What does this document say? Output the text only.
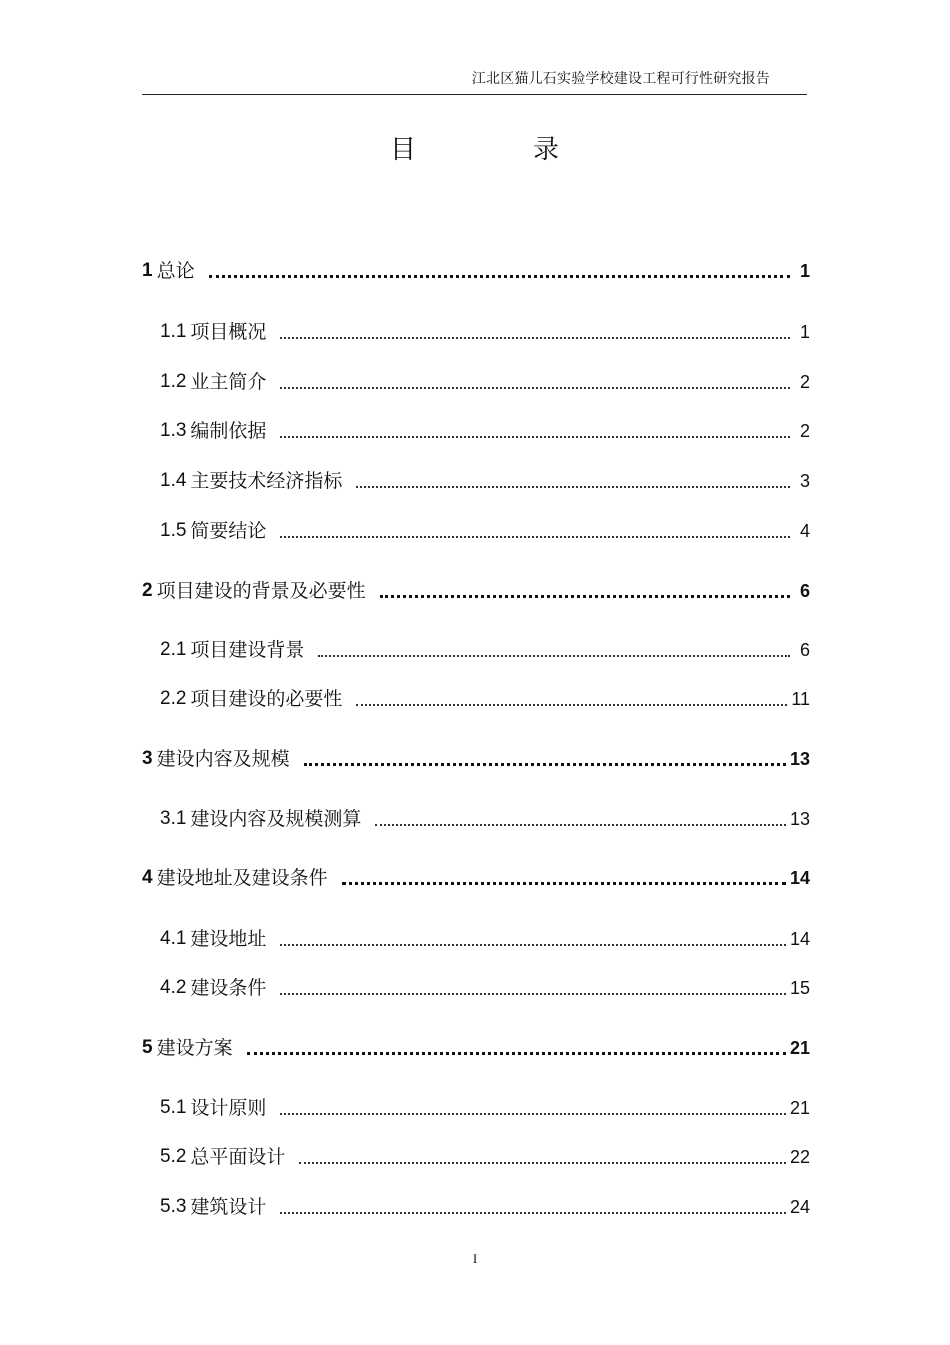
江北区猫儿石实验学校建设工程可行性研究报告
目	录
1 总论	1
1.1 项目概况	1
1.2 业主简介	2
1.3 编制依据	2
1.4 主要技术经济指标	3
1.5 简要结论	4
2 项目建设的背景及必要性	6
2.1 项目建设背景	6
2.2 项目建设的必要性	11
3 建设内容及规模	13
3.1 建设内容及规模测算	13
4 建设地址及建设条件	14
4.1 建设地址	14
4.2 建设条件	15
5 建设方案	21
5.1 设计原则	21
5.2 总平面设计	22
5.3 建筑设计	24
I
